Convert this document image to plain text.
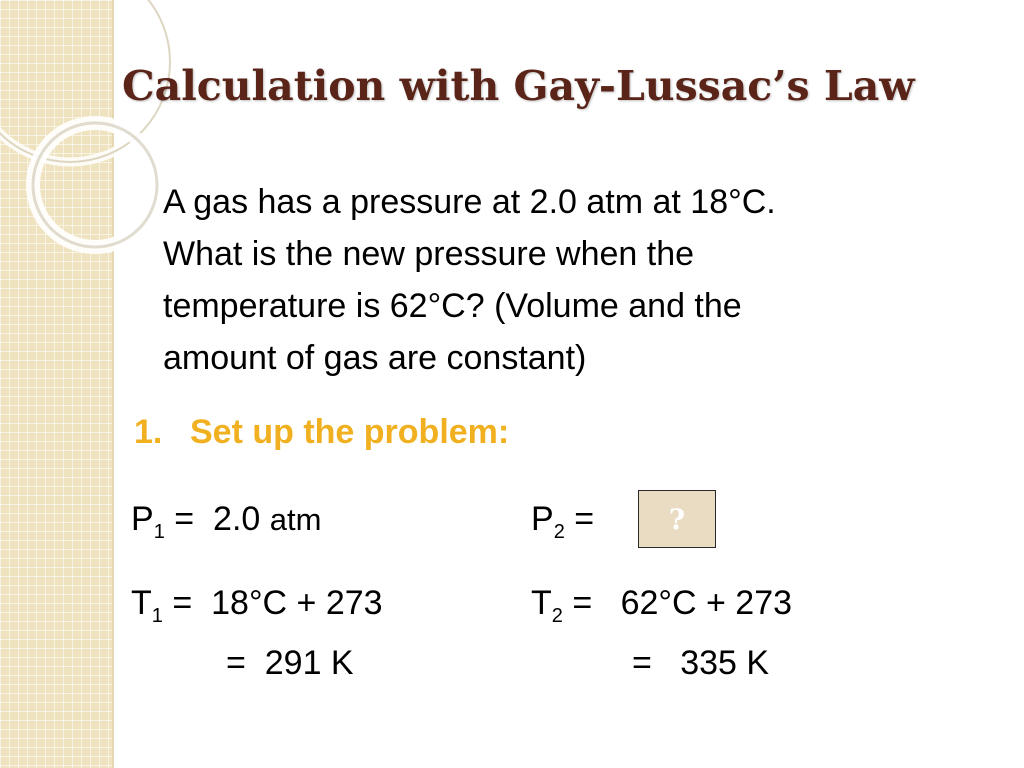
Calculation with Gay-Lussac’s Law

A gas has a pressure at 2.0 atm at 18°C.
What is the new pressure when the
temperature is 62°C? (Volume and the
amount of gas are constant)

1. Set up the problem:
$P_1 = 2.0$ atm	$P_2$ =	?
$T_1 = 18^\circ C + 273$
=  291 K
$T_2 = 62^\circ C + 273$
=   335 K
